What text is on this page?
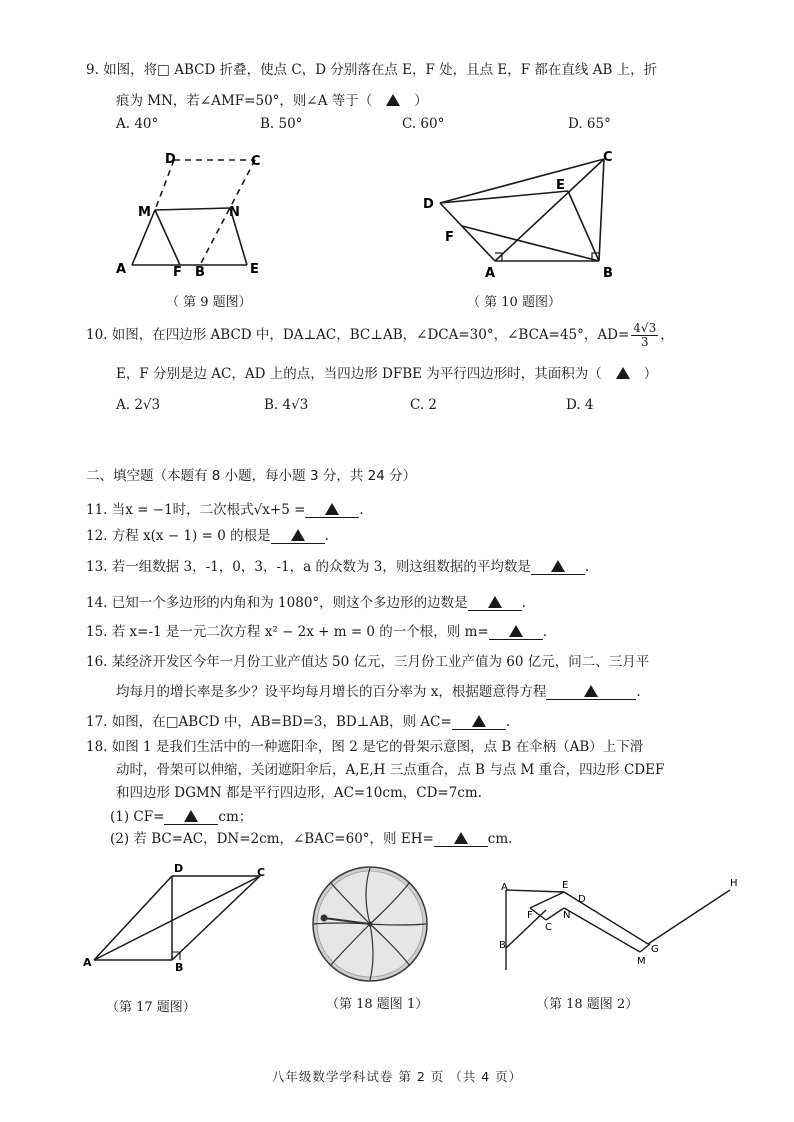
9. 如图，将□ ABCD 折叠，使点 C，D 分别落在点 E，F 处，且点 E，F 都在直线 AB 上，折
痕为 MN，若∠AMF=50°，则∠A 等于（	）
A. 40°	B. 50°	C. 60°	D. 65°
D	C
M	N
A	F B	E
（ 第 9 题图）
C
E
D
F
A	B
（ 第 10 题图）
10. 如图，在四边形 ABCD 中，DA⊥AC，BC⊥AB，∠DCA=30°，∠BCA=45°，$AD= \frac{4√3}{3}$ ，
E，F 分别是边 AC，AD 上的点，当四边形 DFBE 为平行四边形时，其面积为（	）
A. 2√3	B. 4√3	C. 2	D. 4
二、填空题（本题有 8 小题，每小题 3 分，共 24 分）
11. 当x = −1时，二次根式√x+5 =	.
12. 方程 x(x − 1) = 0 的根是	.
13. 若一组数据 3，-1，0，3，-1，a 的众数为 3，则这组数据的平均数是	.
14. 已知一个多边形的内角和为 1080°，则这个多边形的边数是	.
15. 若 x=-1 是一元二次方程 x² − 2x + m = 0 的一个根，则 m=	.
16. 某经济开发区今年一月份工业产值达 50 亿元，三月份工业产值为 60 亿元，问二、三月平
均每月的增长率是多少？设平均每月增长的百分率为 x，根据题意得方程	.
17. 如图，在□ABCD 中，AB=BD=3，BD⊥AB，则 AC=	.
18. 如图 1 是我们生活中的一种遮阳伞，图 2 是它的骨架示意图，点 B 在伞柄（AB）上下滑
动时，骨架可以伸缩，关闭遮阳伞后，A,E,H 三点重合，点 B 与点 M 重合，四边形 CDEF
和四边形 DGMN 都是平行四边形，AC=10cm，CD=7cm.
(1) CF=	cm；
(2) 若 BC=AC，DN=2cm，∠BAC=60°，则 EH=	cm.
D	C
A	B
（第 17 题图）	（第 18 题图 1）
A	E
D
F	N
C
B	G
M
H
（第 18 题图 2）
八年级数学学科试卷 第 2 页 （共 4 页）
